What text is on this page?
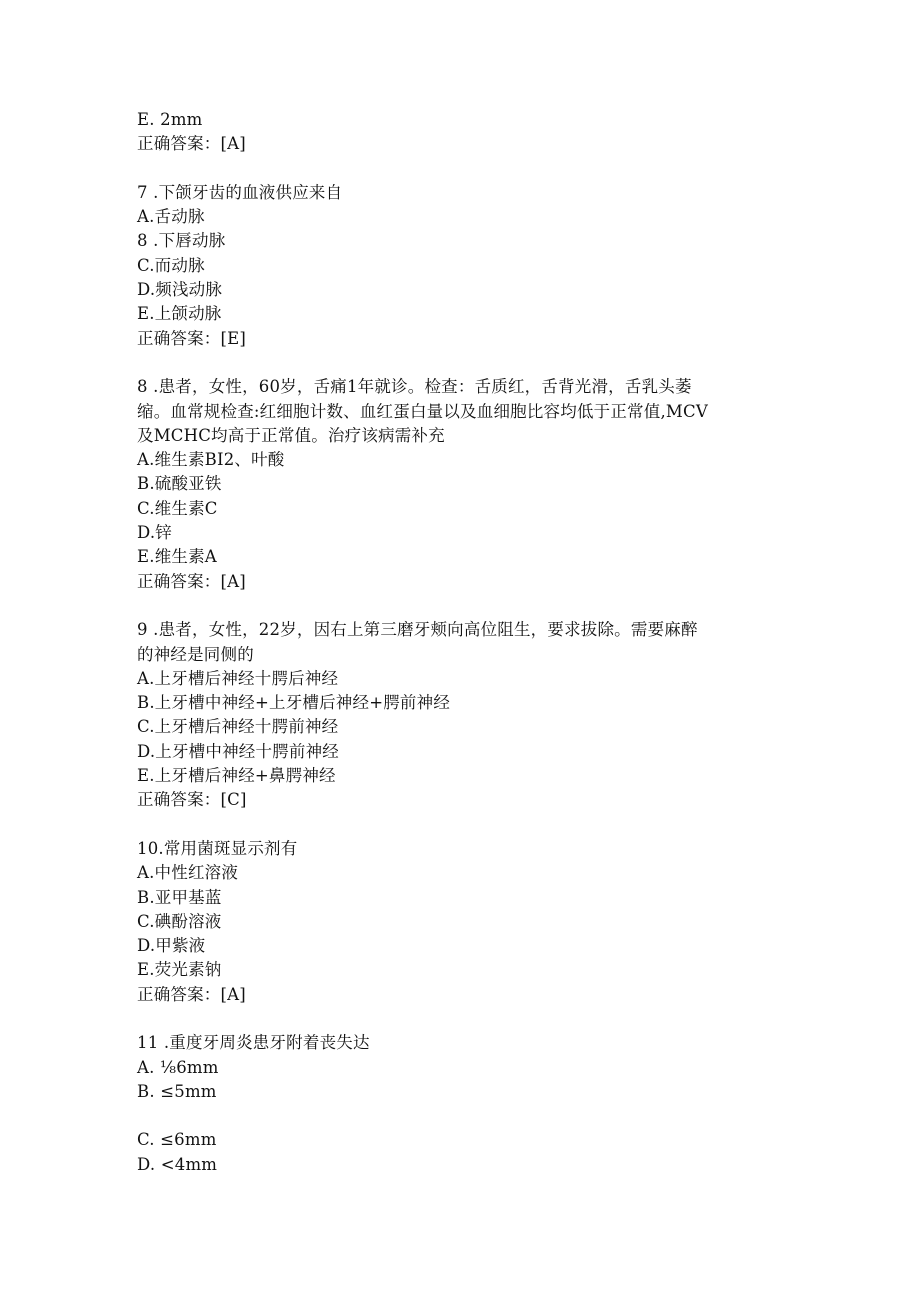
E. 2mm
正确答案：[A]
7 .下颌牙齿的血液供应来自
A.舌动脉
8 .下唇动脉
C.而动脉
D.频浅动脉
E.上颌动脉
正确答案：[E]
8 .患者，女性，60岁，舌痛1年就诊。检查：舌质红，舌背光滑，舌乳头萎
缩。血常规检查:红细胞计数、血红蛋白量以及血细胞比容均低于正常值,MCV
及MCHC均高于正常值。治疗该病需补充
A.维生素BI2、叶酸
B.硫酸亚铁
C.维生素C
D.锌
E.维生素A
正确答案：[A]
9 .患者，女性，22岁，因右上第三磨牙颊向高位阻生，要求拔除。需要麻醉
的神经是同侧的
A.上牙槽后神经十腭后神经
B.上牙槽中神经+上牙槽后神经+腭前神经
C.上牙槽后神经十腭前神经
D.上牙槽中神经十腭前神经
E.上牙槽后神经+鼻腭神经
正确答案：[C]
10.常用菌斑显示剂有
A.中性红溶液
B.亚甲基蓝
C.碘酚溶液
D.甲紫液
E.荧光素钠
正确答案：[A]
11 .重度牙周炎患牙附着丧失达
A. ⅛6mm
B. ≤5mm
C. ≤6mm
D. <4mm
